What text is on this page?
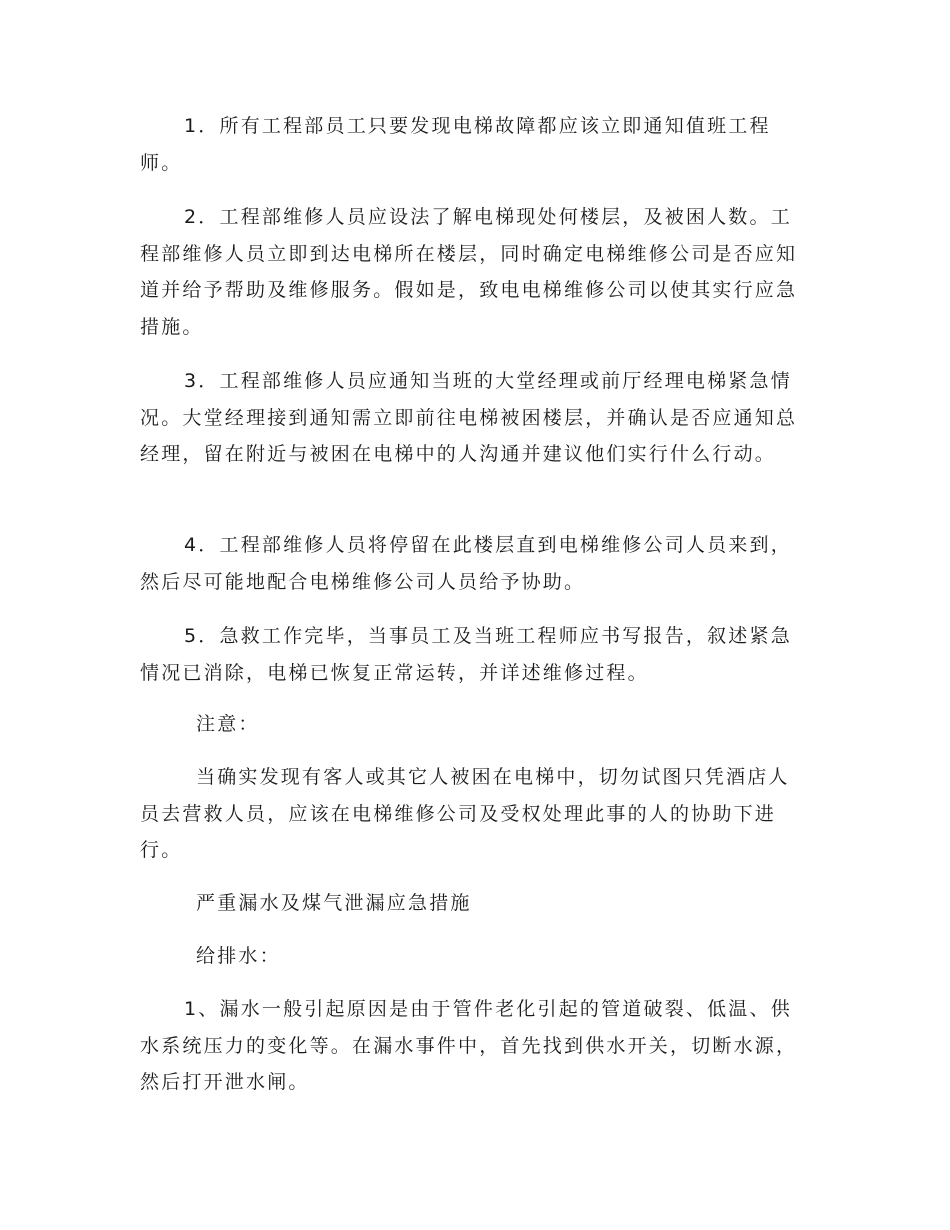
1．所有工程部员工只要发现电梯故障都应该立即通知值班工程师。

2．工程部维修人员应设法了解电梯现处何楼层，及被困人数。工程部维修人员立即到达电梯所在楼层，同时确定电梯维修公司是否应知道并给予帮助及维修服务。假如是，致电电梯维修公司以使其实行应急措施。

3．工程部维修人员应通知当班的大堂经理或前厅经理电梯紧急情况。大堂经理接到通知需立即前往电梯被困楼层，并确认是否应通知总经理，留在附近与被困在电梯中的人沟通并建议他们实行什么行动。

4．工程部维修人员将停留在此楼层直到电梯维修公司人员来到，然后尽可能地配合电梯维修公司人员给予协助。

5．急救工作完毕，当事员工及当班工程师应书写报告，叙述紧急情况已消除，电梯已恢复正常运转，并详述维修过程。

注意：

当确实发现有客人或其它人被困在电梯中，切勿试图只凭酒店人员去营救人员，应该在电梯维修公司及受权处理此事的人的协助下进行。

严重漏水及煤气泄漏应急措施

给排水：

1、漏水一般引起原因是由于管件老化引起的管道破裂、低温、供水系统压力的变化等。在漏水事件中，首先找到供水开关，切断水源，然后打开泄水闸。
